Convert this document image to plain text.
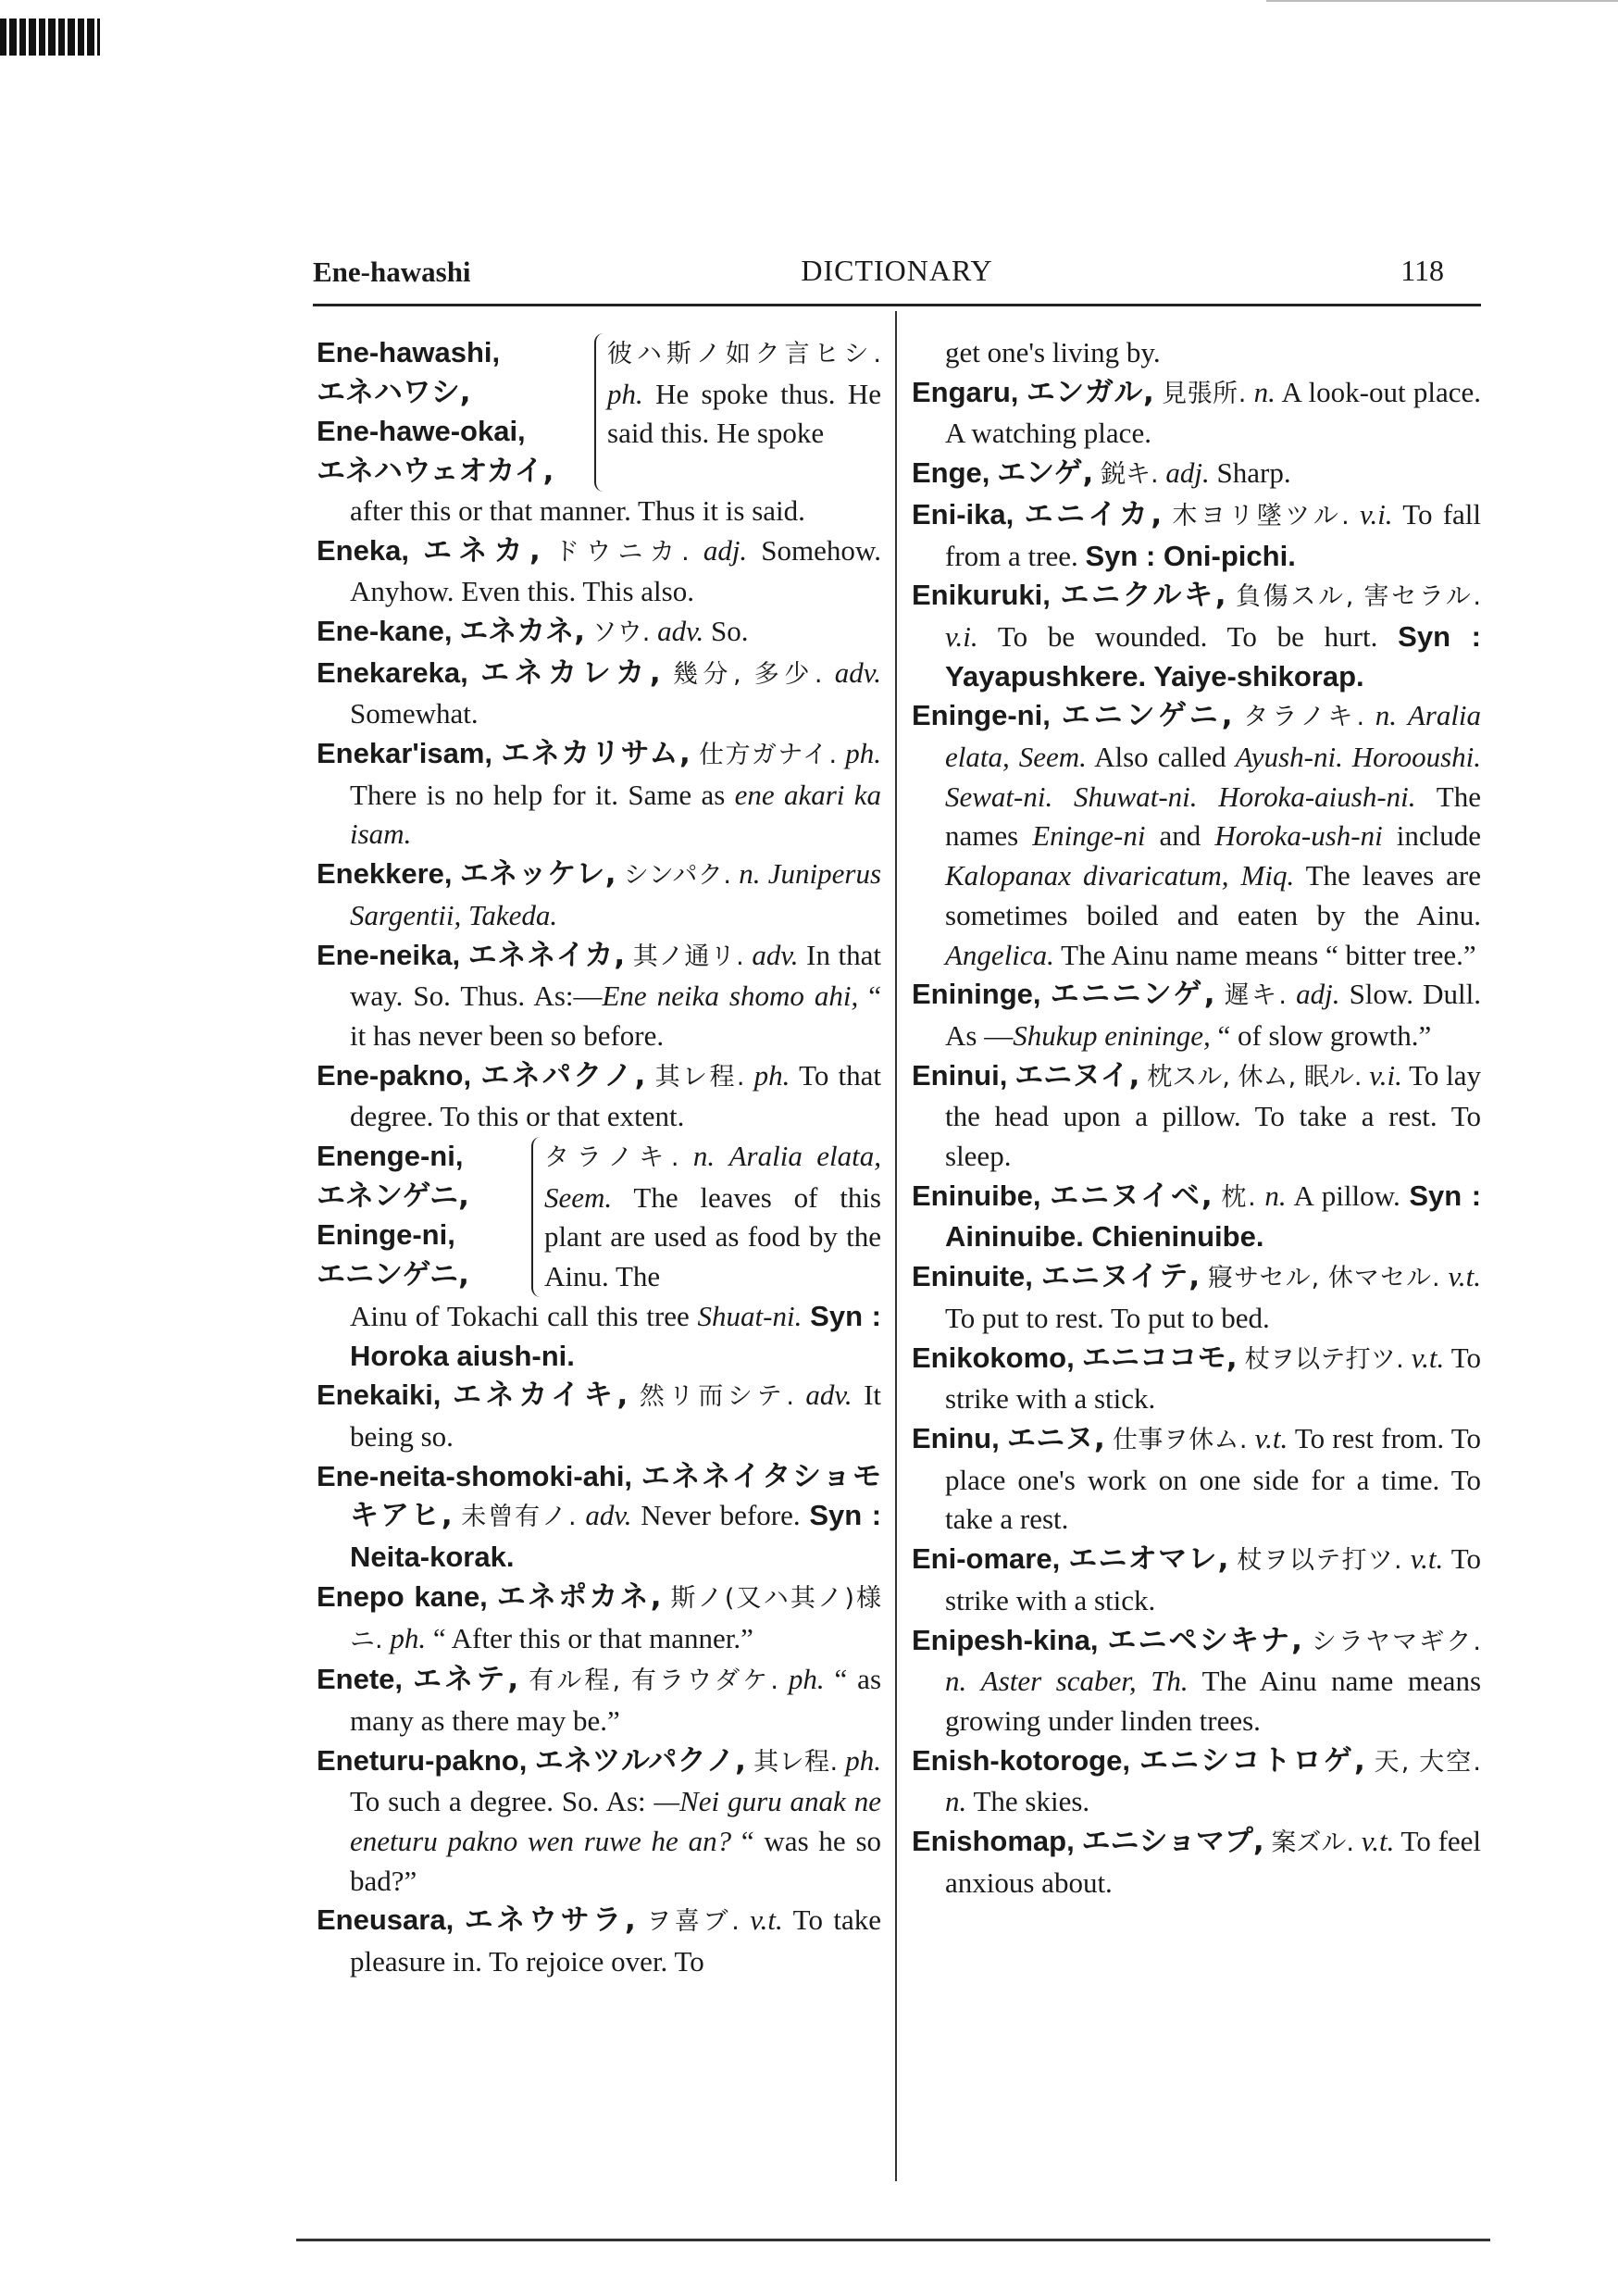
Ene-hawashi	DICTIONARY	118
Ene-hawashi,
エネハワシ,
Ene-hawe-okai,
エネハウェオカイ,
彼ハ斯ノ如ク言ヒシ. ph. He spoke thus. He said this. He spoke
after this or that manner. Thus it is said.
Eneka, エネカ, ドウニカ. adj. Somehow. Anyhow. Even this. This also.
Ene-kane, エネカネ, ソウ. adv. So.
Enekareka, エネカレカ, 幾分, 多少. adv. Somewhat.
Enekar'isam, エネカリサム, 仕方ガナイ. ph. There is no help for it. Same as ene akari ka isam.
Enekkere, エネッケレ, シンパク. n. Juniperus Sargentii, Takeda.
Ene-neika, エネネイカ, 其ノ通リ. adv. In that way. So. Thus. As:—Ene neika shomo ahi, “ it has never been so before.
Ene-pakno, エネパクノ, 其レ程. ph. To that degree. To this or that extent.
Enenge-ni,
エネンゲニ,
Eninge-ni,
エニンゲニ,
タラノキ. n. Aralia elata, Seem. The leaves of this plant are used as food by the Ainu. The
Ainu of Tokachi call this tree Shuat-ni. Syn : Horoka aiush-ni.
Enekaiki, エネカイキ, 然リ而シテ. adv. It being so.
Ene-neita-shomoki-ahi, エネネイタショモキアヒ, 未曾有ノ. adv. Never before. Syn : Neita-korak.
Enepo kane, エネポカネ, 斯ノ(又ハ其ノ)様ニ. ph. “ After this or that manner.”
Enete, エネテ, 有ル程, 有ラウダケ. ph. “ as many as there may be.”
Eneturu-pakno, エネツルパクノ, 其レ程. ph. To such a degree. So. As: —Nei guru anak ne eneturu pakno wen ruwe he an? “ was he so bad?”
Eneusara, エネウサラ, ヲ喜ブ. v.t. To take pleasure in. To rejoice over. To
get one's living by.
Engaru, エンガル, 見張所. n. A look-out place. A watching place.
Enge, エンゲ, 鋭キ. adj. Sharp.
Eni-ika, エニイカ, 木ヨリ墜ツル. v.i. To fall from a tree. Syn : Oni-pichi.
Enikuruki, エニクルキ, 負傷スル, 害セラル. v.i. To be wounded. To be hurt. Syn : Yayapushkere. Yaiye-shikorap.
Eninge-ni, エニンゲニ, タラノキ. n. Aralia elata, Seem. Also called Ayush-ni. Horooushi. Sewat-ni. Shuwat-ni. Horoka-aiush-ni. The names Eninge-ni and Horoka-ush-ni include Kalopanax divaricatum, Miq. The leaves are sometimes boiled and eaten by the Ainu. Angelica. The Ainu name means “ bitter tree.”
Enininge, エニニンゲ, 遲キ. adj. Slow. Dull. As —Shukup enininge, “ of slow growth.”
Eninui, エニヌイ, 枕スル, 休ム, 眠ル. v.i. To lay the head upon a pillow. To take a rest. To sleep.
Eninuibe, エニヌイベ, 枕. n. A pillow. Syn : Aininuibe. Chieninuibe.
Eninuite, エニヌイテ, 寢サセル, 休マセル. v.t. To put to rest. To put to bed.
Enikokomo, エニココモ, 杖ヲ以テ打ツ. v.t. To strike with a stick.
Eninu, エニヌ, 仕事ヲ休ム. v.t. To rest from. To place one's work on one side for a time. To take a rest.
Eni-omare, エニオマレ, 杖ヲ以テ打ツ. v.t. To strike with a stick.
Enipesh-kina, エニペシキナ, シラヤマギク. n. Aster scaber, Th. The Ainu name means growing under linden trees.
Enish-kotoroge, エニシコトロゲ, 天, 大空. n. The skies.
Enishomap, エニショマプ, 案ズル. v.t. To feel anxious about.
